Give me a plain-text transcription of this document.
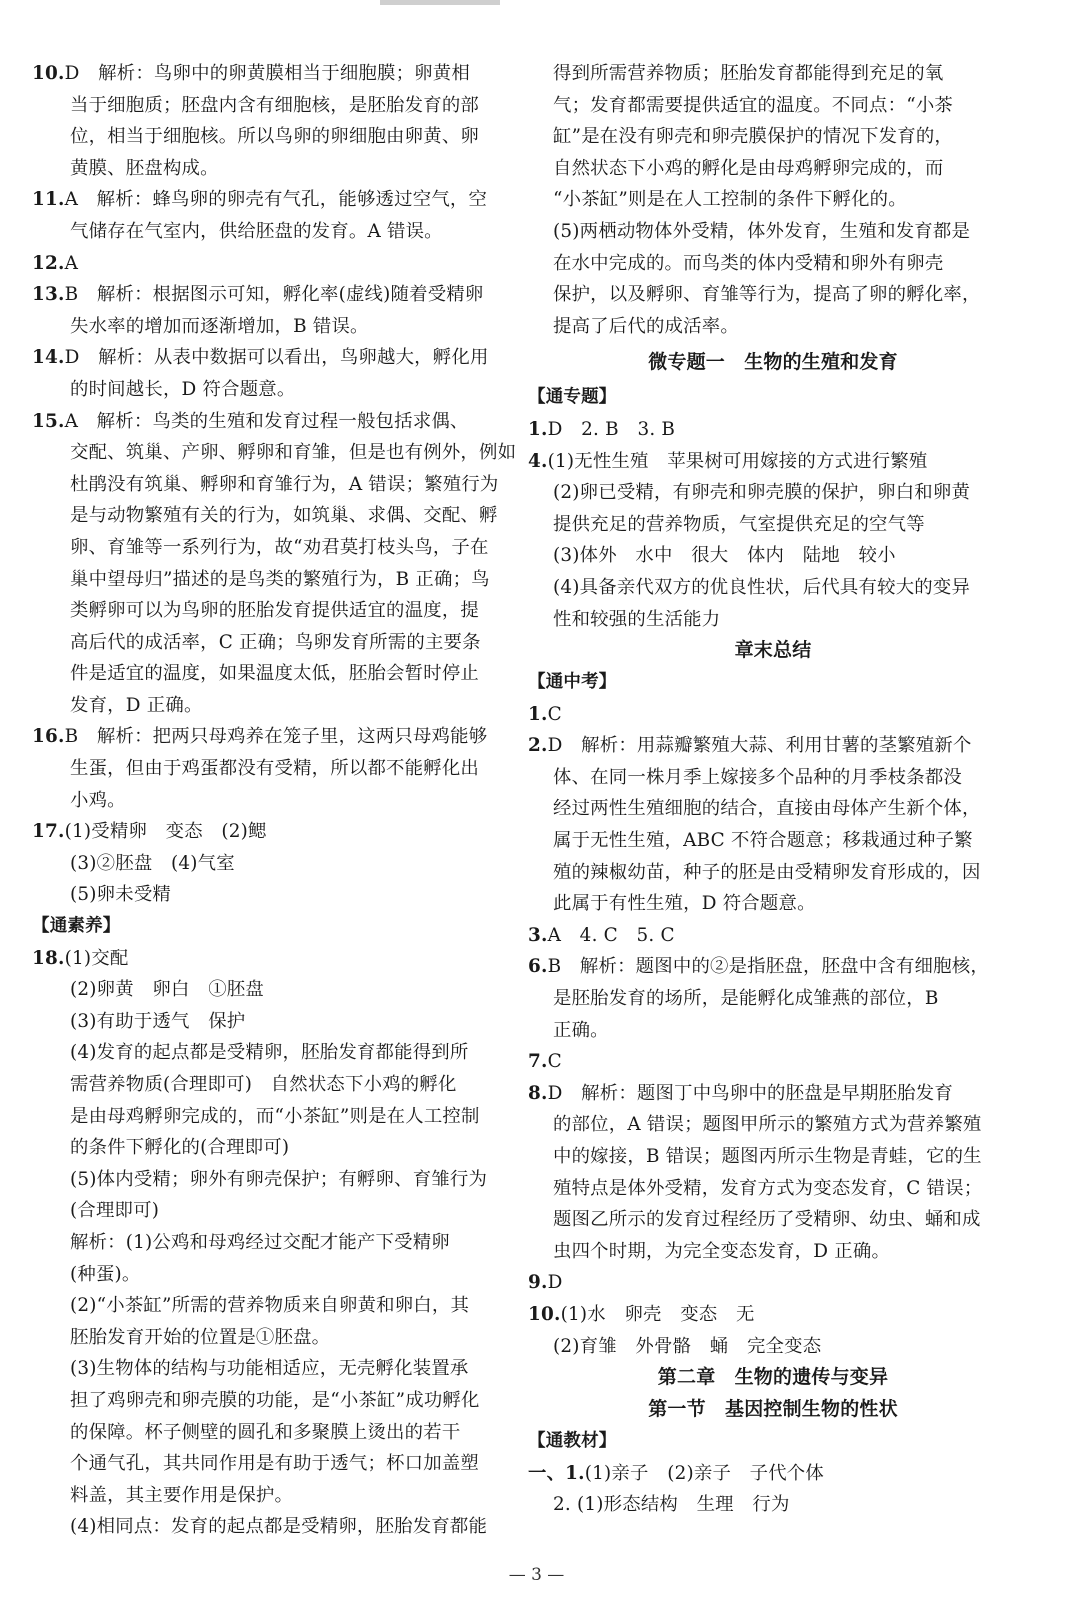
10.D　解析：鸟卵中的卵黄膜相当于细胞膜；卵黄相
当于细胞质；胚盘内含有细胞核，是胚胎发育的部
位，相当于细胞核。所以鸟卵的卵细胞由卵黄、卵
黄膜、胚盘构成。
11.A　解析：蜂鸟卵的卵壳有气孔，能够透过空气，空
气储存在气室内，供给胚盘的发育。A 错误。
12.A
13.B　解析：根据图示可知，孵化率(虚线)随着受精卵
失水率的增加而逐渐增加，B 错误。
14.D　解析：从表中数据可以看出，鸟卵越大，孵化用
的时间越长，D 符合题意。
15.A　解析：鸟类的生殖和发育过程一般包括求偶、
交配、筑巢、产卵、孵卵和育雏，但是也有例外，例如
杜鹃没有筑巢、孵卵和育雏行为，A 错误；繁殖行为
是与动物繁殖有关的行为，如筑巢、求偶、交配、孵
卵、育雏等一系列行为，故“劝君莫打枝头鸟，子在
巢中望母归”描述的是鸟类的繁殖行为，B 正确；鸟
类孵卵可以为鸟卵的胚胎发育提供适宜的温度，提
高后代的成活率，C 正确；鸟卵发育所需的主要条
件是适宜的温度，如果温度太低，胚胎会暂时停止
发育，D 正确。
16.B　解析：把两只母鸡养在笼子里，这两只母鸡能够
生蛋，但由于鸡蛋都没有受精，所以都不能孵化出
小鸡。
17.(1)受精卵　变态　(2)鳃
(3)②胚盘　(4)气室
(5)卵未受精
【通素养】
18.(1)交配
(2)卵黄　卵白　①胚盘
(3)有助于透气　保护
(4)发育的起点都是受精卵，胚胎发育都能得到所
需营养物质(合理即可)　自然状态下小鸡的孵化
是由母鸡孵卵完成的，而“小茶缸”则是在人工控制
的条件下孵化的(合理即可)
(5)体内受精；卵外有卵壳保护；有孵卵、育雏行为
(合理即可)
解析：(1)公鸡和母鸡经过交配才能产下受精卵
(种蛋)。
(2)“小茶缸”所需的营养物质来自卵黄和卵白，其
胚胎发育开始的位置是①胚盘。
(3)生物体的结构与功能相适应，无壳孵化装置承
担了鸡卵壳和卵壳膜的功能，是“小茶缸”成功孵化
的保障。杯子侧壁的圆孔和多聚膜上烫出的若干
个通气孔，其共同作用是有助于透气；杯口加盖塑
料盖，其主要作用是保护。
(4)相同点：发育的起点都是受精卵，胚胎发育都能
得到所需营养物质；胚胎发育都能得到充足的氧
气；发育都需要提供适宜的温度。不同点：“小茶
缸”是在没有卵壳和卵壳膜保护的情况下发育的，
自然状态下小鸡的孵化是由母鸡孵卵完成的，而
“小茶缸”则是在人工控制的条件下孵化的。
(5)两栖动物体外受精，体外发育，生殖和发育都是
在水中完成的。而鸟类的体内受精和卵外有卵壳
保护，以及孵卵、育雏等行为，提高了卵的孵化率，
提高了后代的成活率。
微专题一　生物的生殖和发育
【通专题】
1.D　2. B　3. B
4.(1)无性生殖　苹果树可用嫁接的方式进行繁殖
(2)卵已受精，有卵壳和卵壳膜的保护，卵白和卵黄
提供充足的营养物质，气室提供充足的空气等
(3)体外　水中　很大　体内　陆地　较小
(4)具备亲代双方的优良性状，后代具有较大的变异
性和较强的生活能力
章末总结
【通中考】
1.C
2.D　解析：用蒜瓣繁殖大蒜、利用甘薯的茎繁殖新个
体、在同一株月季上嫁接多个品种的月季枝条都没
经过两性生殖细胞的结合，直接由母体产生新个体，
属于无性生殖，ABC 不符合题意；移栽通过种子繁
殖的辣椒幼苗，种子的胚是由受精卵发育形成的，因
此属于有性生殖，D 符合题意。
3.A　4. C　5. C
6.B　解析：题图中的②是指胚盘，胚盘中含有细胞核，
是胚胎发育的场所，是能孵化成雏燕的部位，B
正确。
7.C
8.D　解析：题图丁中鸟卵中的胚盘是早期胚胎发育
的部位，A 错误；题图甲所示的繁殖方式为营养繁殖
中的嫁接，B 错误；题图丙所示生物是青蛙，它的生
殖特点是体外受精，发育方式为变态发育，C 错误；
题图乙所示的发育过程经历了受精卵、幼虫、蛹和成
虫四个时期，为完全变态发育，D 正确。
9.D
10.(1)水　卵壳　变态　无
(2)育雏　外骨骼　蛹　完全变态
第二章　生物的遗传与变异
第一节　基因控制生物的性状
【通教材】
一、1.(1)亲子　(2)亲子　子代个体
2. (1)形态结构　生理　行为
— 3 —
